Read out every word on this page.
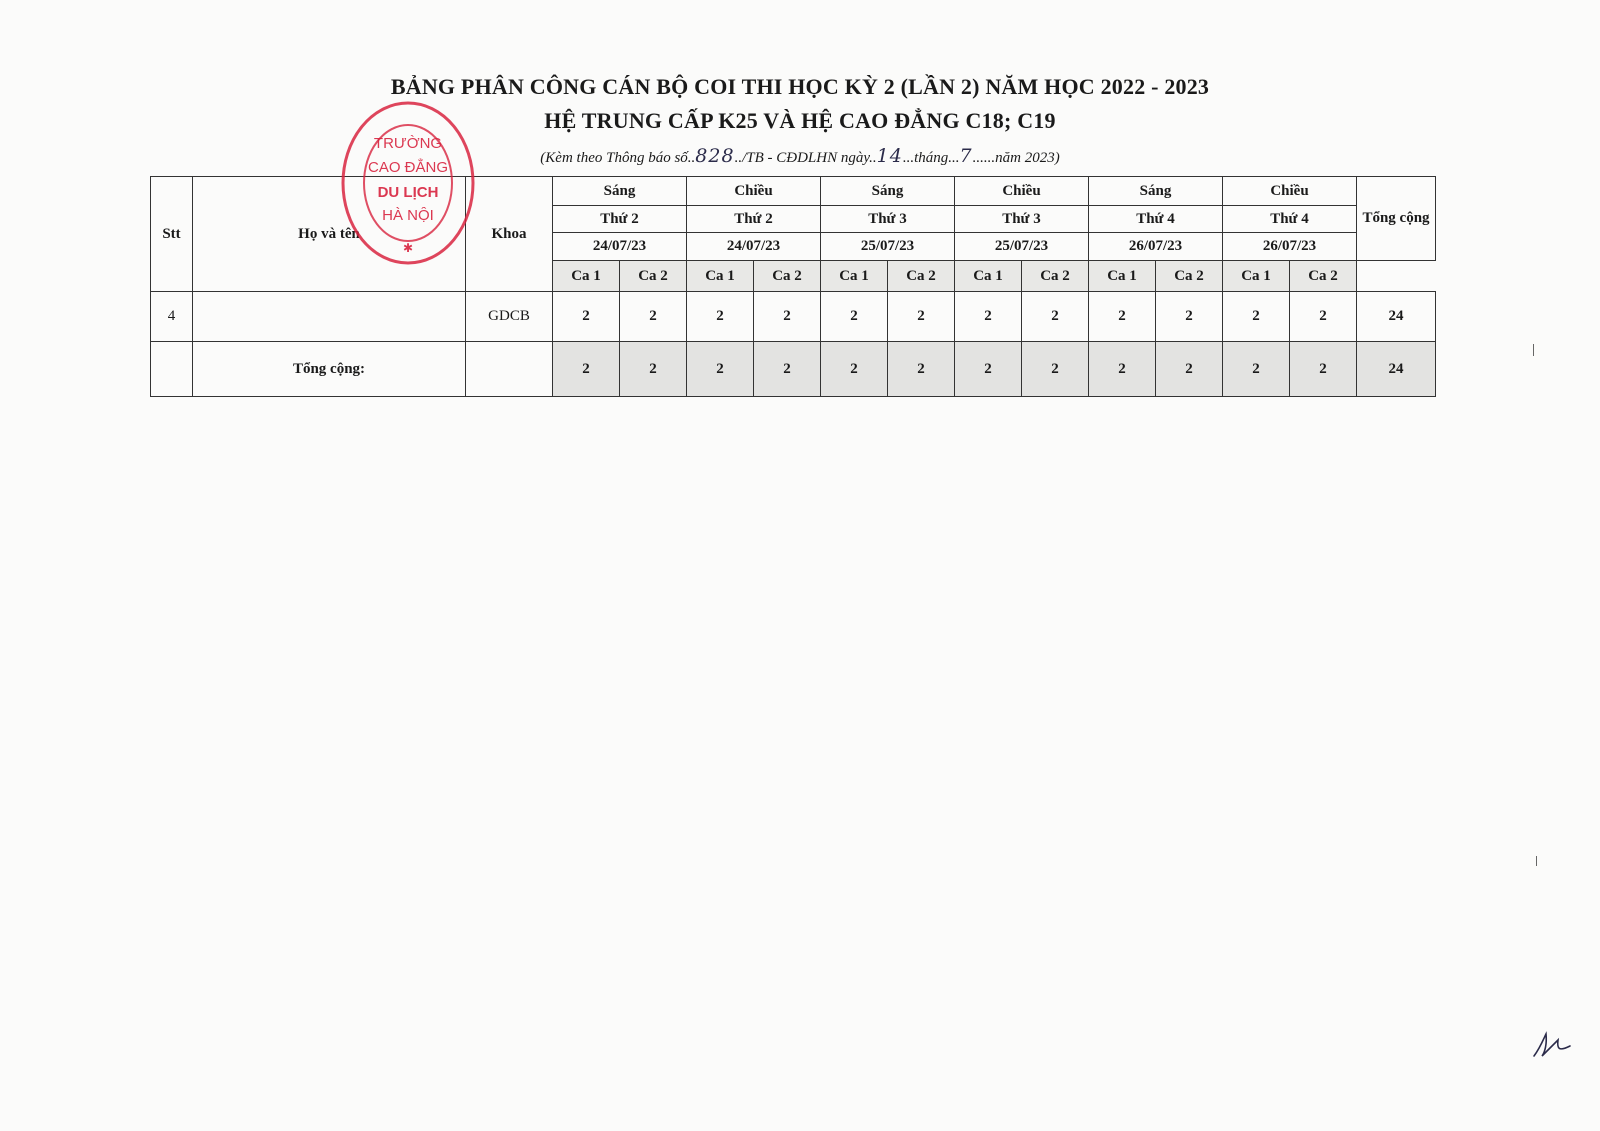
BẢNG PHÂN CÔNG CÁN BỘ COI THI HỌC KỲ 2 (LẦN 2) NĂM HỌC 2022 - 2023
HỆ TRUNG CẤP K25 VÀ HỆ CAO ĐẲNG C18; C19
(Kèm theo Thông báo số..828../TB - CĐDLHN ngày..14...tháng...7......năm 2023)
Stt	Họ và tên	Khoa	Sáng		Chiều		Sáng		Chiều		Sáng		Chiều		Tổng cộng
			Thứ 2		Thứ 2		Thứ 3		Thứ 3		Thứ 4		Thứ 4		
			24/07/23		24/07/23		25/07/23		25/07/23		26/07/23		26/07/23		
			Ca 1	Ca 2	Ca 1	Ca 2	Ca 1	Ca 2	Ca 1	Ca 2	Ca 1	Ca 2	Ca 1	Ca 2	
4		GDCB	2	2	2	2	2	2	2	2	2	2	2	2	24
	Tổng cộng:		2	2	2	2	2	2	2	2	2	2	2	2	24
TRƯỜNG
CAO ĐẲNG
DU LỊCH
HÀ NỘI
✱
